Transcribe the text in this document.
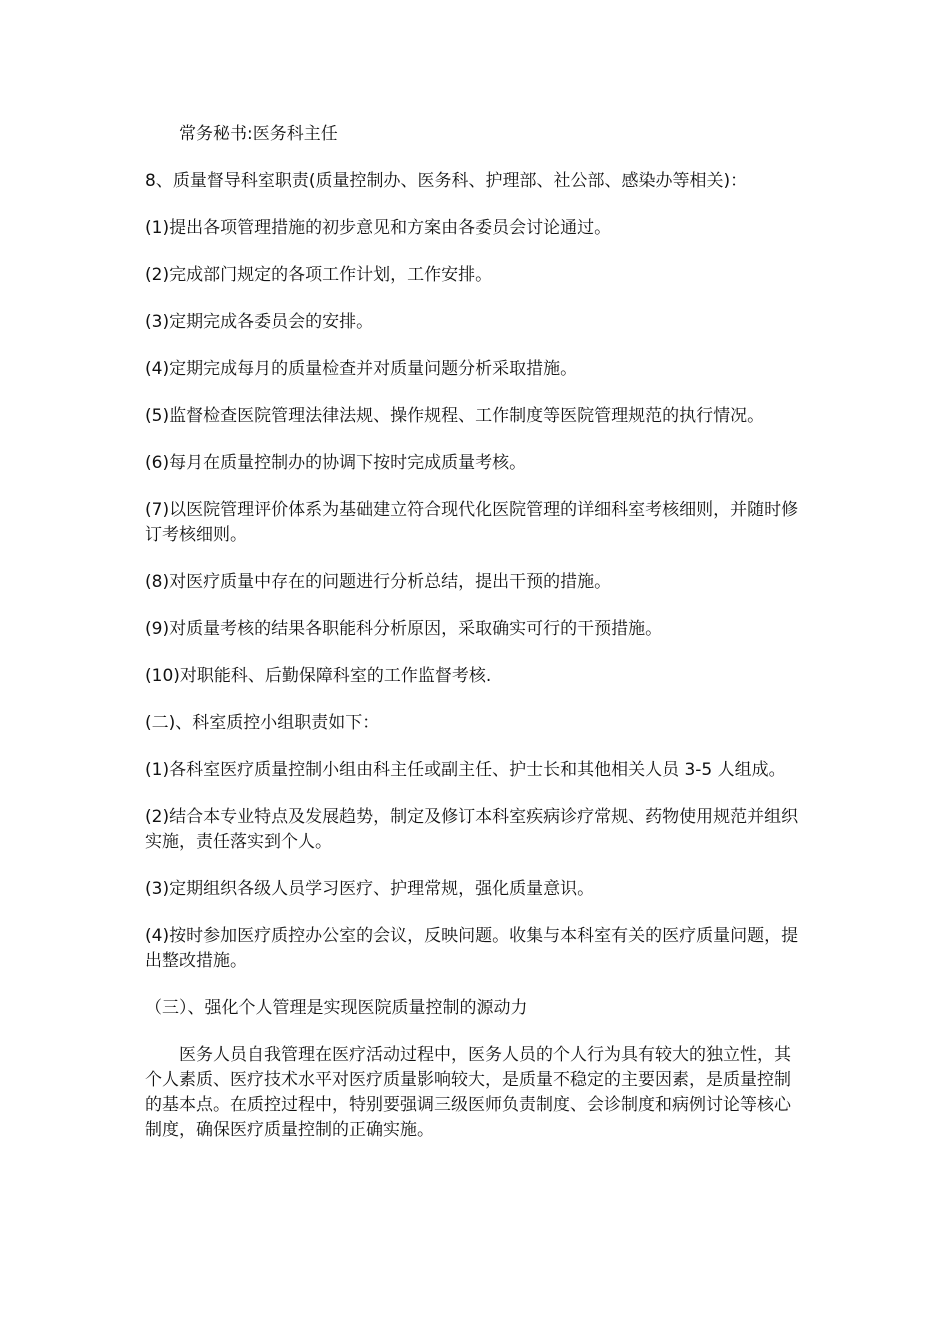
常务秘书:医务科主任

8、质量督导科室职责(质量控制办、医务科、护理部、社公部、感染办等相关)：

(1)提出各项管理措施的初步意见和方案由各委员会讨论通过。

(2)完成部门规定的各项工作计划，工作安排。

(3)定期完成各委员会的安排。

(4)定期完成每月的质量检查并对质量问题分析采取措施。

(5)监督检查医院管理法律法规、操作规程、工作制度等医院管理规范的执行情况。

(6)每月在质量控制办的协调下按时完成质量考核。

(7)以医院管理评价体系为基础建立符合现代化医院管理的详细科室考核细则，并随时修订考核细则。

(8)对医疗质量中存在的问题进行分析总结，提出干预的措施。

(9)对质量考核的结果各职能科分析原因，采取确实可行的干预措施。

(10)对职能科、后勤保障科室的工作监督考核.

(二)、科室质控小组职责如下：

(1)各科室医疗质量控制小组由科主任或副主任、护士长和其他相关人员 3-5 人组成。

(2)结合本专业特点及发展趋势，制定及修订本科室疾病诊疗常规、药物使用规范并组织实施，责任落实到个人。

(3)定期组织各级人员学习医疗、护理常规，强化质量意识。

(4)按时参加医疗质控办公室的会议，反映问题。收集与本科室有关的医疗质量问题，提出整改措施。

（三）、强化个人管理是实现医院质量控制的源动力

医务人员自我管理在医疗活动过程中，医务人员的个人行为具有较大的独立性，其个人素质、医疗技术水平对医疗质量影响较大，是质量不稳定的主要因素，是质量控制的基本点。在质控过程中，特别要强调三级医师负责制度、会诊制度和病例讨论等核心制度，确保医疗质量控制的正确实施。
